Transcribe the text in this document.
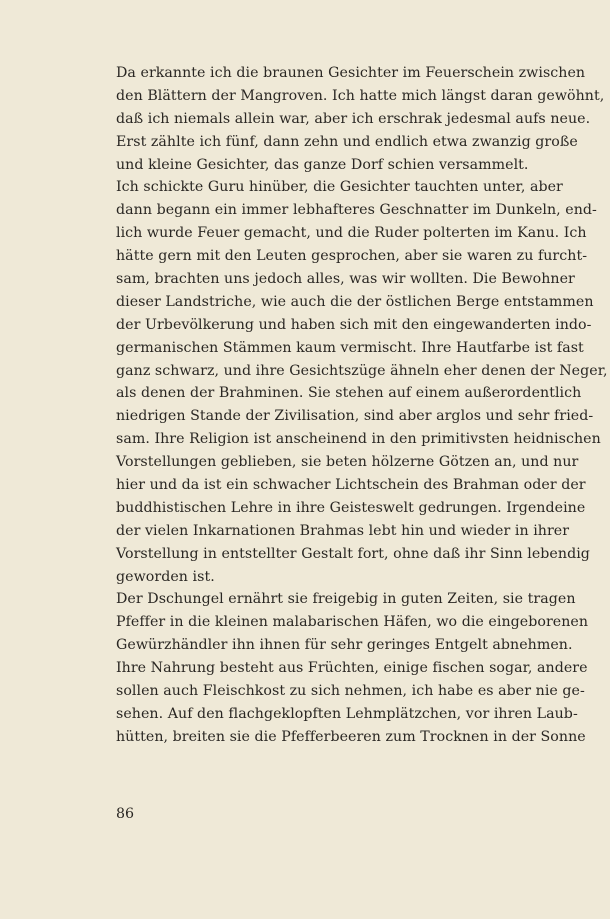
Da erkannte ich die braunen Gesichter im Feuerschein zwischen
den Blättern der Mangroven. Ich hatte mich längst daran gewöhnt,
daß ich niemals allein war, aber ich erschrak jedesmal aufs neue.
Erst zählte ich fünf, dann zehn und endlich etwa zwanzig große
und kleine Gesichter, das ganze Dorf schien versammelt.
Ich schickte Guru hinüber, die Gesichter tauchten unter, aber
dann begann ein immer lebhafteres Geschnatter im Dunkeln, end-
lich wurde Feuer gemacht, und die Ruder polterten im Kanu. Ich
hätte gern mit den Leuten gesprochen, aber sie waren zu furcht-
sam, brachten uns jedoch alles, was wir wollten. Die Bewohner
dieser Landstriche, wie auch die der östlichen Berge entstammen
der Urbevölkerung und haben sich mit den eingewanderten indo-
germanischen Stämmen kaum vermischt. Ihre Hautfarbe ist fast
ganz schwarz, und ihre Gesichtszüge ähneln eher denen der Neger,
als denen der Brahminen. Sie stehen auf einem außerordentlich
niedrigen Stande der Zivilisation, sind aber arglos und sehr fried-
sam. Ihre Religion ist anscheinend in den primitivsten heidnischen
Vorstellungen geblieben, sie beten hölzerne Götzen an, und nur
hier und da ist ein schwacher Lichtschein des Brahman oder der
buddhistischen Lehre in ihre Geisteswelt gedrungen. Irgendeine
der vielen Inkarnationen Brahmas lebt hin und wieder in ihrer
Vorstellung in entstellter Gestalt fort, ohne daß ihr Sinn lebendig
geworden ist.
Der Dschungel ernährt sie freigebig in guten Zeiten, sie tragen
Pfeffer in die kleinen malabarischen Häfen, wo die eingeborenen
Gewürzhändler ihn ihnen für sehr geringes Entgelt abnehmen.
Ihre Nahrung besteht aus Früchten, einige fischen sogar, andere
sollen auch Fleischkost zu sich nehmen, ich habe es aber nie ge-
sehen. Auf den flachgeklopften Lehmplätzchen, vor ihren Laub-
hütten, breiten sie die Pfefferbeeren zum Trocknen in der Sonne
86
